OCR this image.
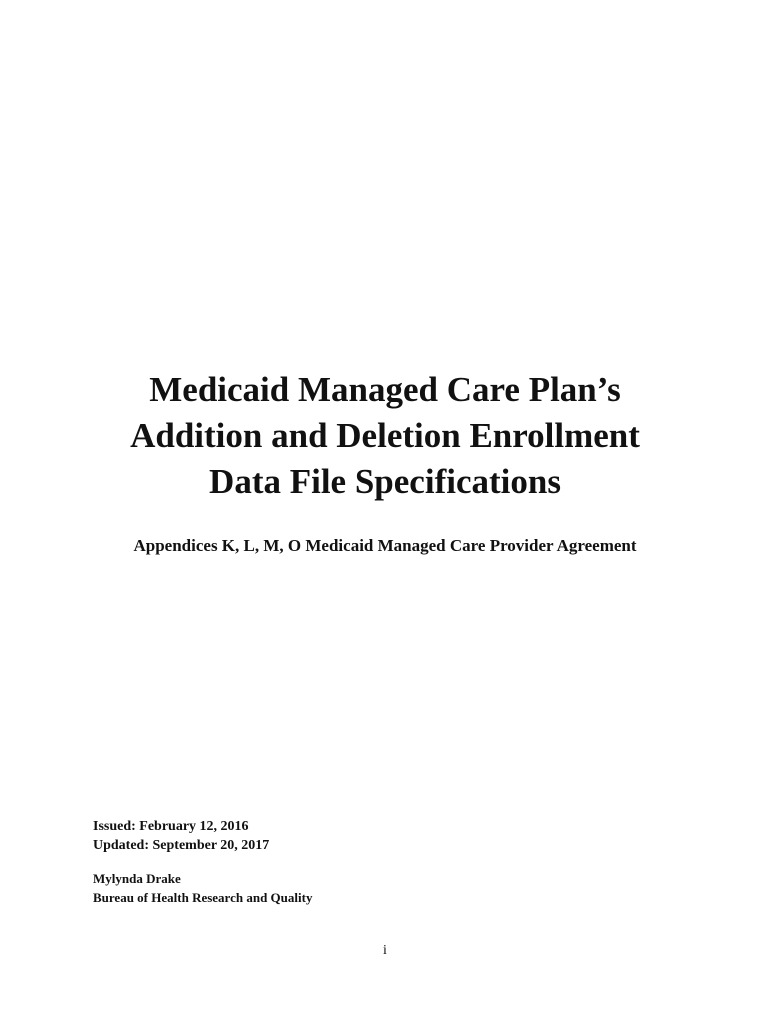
Medicaid Managed Care Plan’s
Addition and Deletion Enrollment
Data File Specifications
Appendices K, L, M, O Medicaid Managed Care Provider Agreement
Issued: February 12, 2016
Updated: September 20, 2017
Mylynda Drake
Bureau of Health Research and Quality
i
